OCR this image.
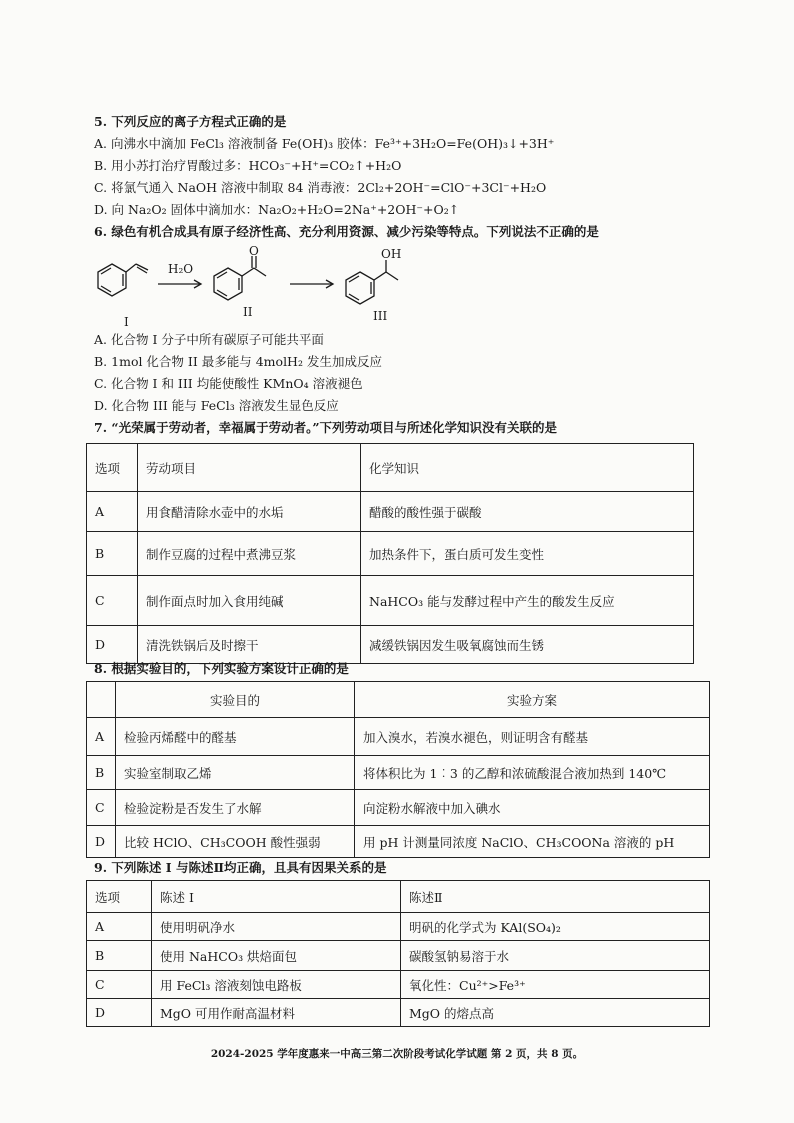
5. 下列反应的离子方程式正确的是
A. 向沸水中滴加 FeCl₃ 溶液制备 Fe(OH)₃ 胶体：Fe³⁺+3H₂O=Fe(OH)₃↓+3H⁺
B. 用小苏打治疗胃酸过多：HCO₃⁻+H⁺=CO₂↑+H₂O
C. 将氯气通入 NaOH 溶液中制取 84 消毒液：2Cl₂+2OH⁻=ClO⁻+3Cl⁻+H₂O
D. 向 Na₂O₂ 固体中滴加水：Na₂O₂+H₂O=2Na⁺+2OH⁻+O₂↑
6. 绿色有机合成具有原子经济性高、充分利用资源、减少污染等特点。下列说法不正确的是
H₂O
O	OH
I
II	III
A. 化合物 I 分子中所有碳原子可能共平面
B. 1mol 化合物 II 最多能与 4molH₂ 发生加成反应
C. 化合物 I 和 III 均能使酸性 KMnO₄ 溶液褪色
D. 化合物 III 能与 FeCl₃ 溶液发生显色反应
7. “光荣属于劳动者，幸福属于劳动者。”下列劳动项目与所述化学知识没有关联的是
选项	劳动项目	化学知识
A	用食醋清除水壶中的水垢	醋酸的酸性强于碳酸
B	制作豆腐的过程中煮沸豆浆	加热条件下，蛋白质可发生变性
C	制作面点时加入食用纯碱	NaHCO₃ 能与发酵过程中产生的酸发生反应
D	清洗铁锅后及时擦干	减缓铁锅因发生吸氧腐蚀而生锈
8. 根据实验目的，下列实验方案设计正确的是
	实验目的	实验方案
A	检验丙烯醛中的醛基	加入溴水，若溴水褪色，则证明含有醛基
B	实验室制取乙烯	将体积比为 1︰3 的乙醇和浓硫酸混合液加热到 140℃
C	检验淀粉是否发生了水解	向淀粉水解液中加入碘水
D	比较 HClO、CH₃COOH 酸性强弱	用 pH 计测量同浓度 NaClO、CH₃COONa 溶液的 pH
9. 下列陈述 I 与陈述Ⅱ均正确，且具有因果关系的是
选项	陈述 I	陈述Ⅱ
A	使用明矾净水	明矾的化学式为 KAl(SO₄)₂
B	使用 NaHCO₃ 烘焙面包	碳酸氢钠易溶于水
C	用 FeCl₃ 溶液刻蚀电路板	氧化性：Cu²⁺>Fe³⁺
D	MgO 可用作耐高温材料	MgO 的熔点高
2024-2025 学年度惠来一中高三第二次阶段考试化学试题 第 2 页，共 8 页。
